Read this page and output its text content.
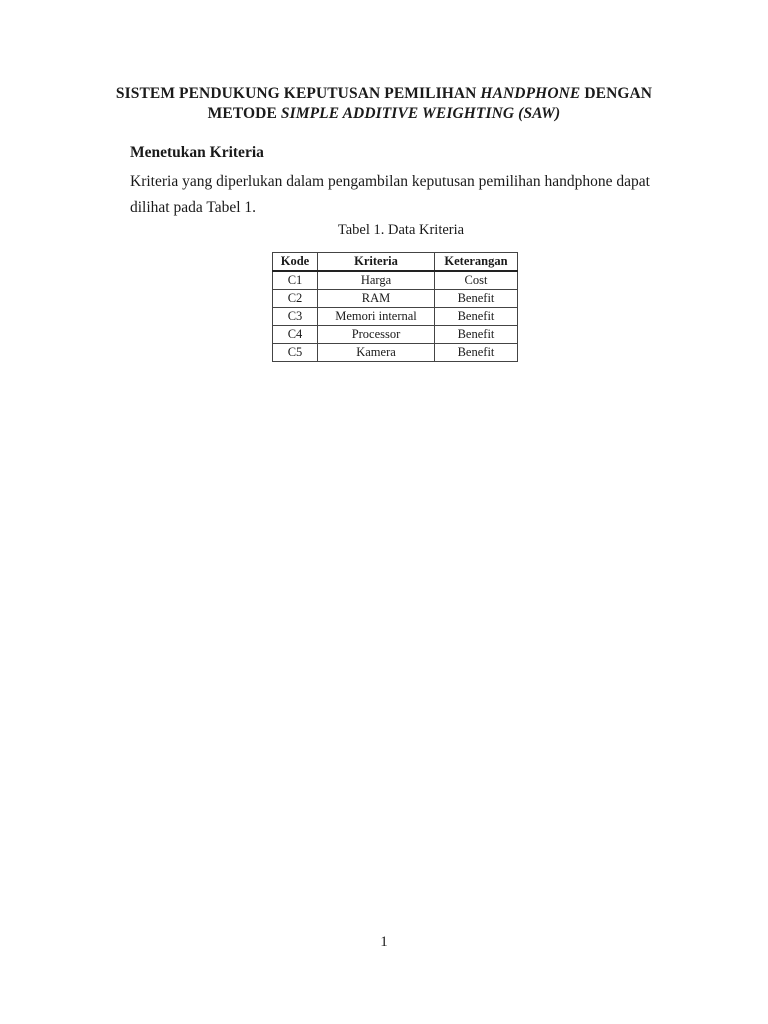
SISTEM PENDUKUNG KEPUTUSAN PEMILIHAN HANDPHONE DENGAN
METODE SIMPLE ADDITIVE WEIGHTING (SAW)
Menetukan Kriteria
Kriteria yang diperlukan dalam pengambilan keputusan pemilihan handphone dapat
dilihat pada Tabel 1.
Tabel 1. Data Kriteria
Kode	Kriteria	Keterangan
C1	Harga	Cost
C2	RAM	Benefit
C3	Memori internal	Benefit
C4	Processor	Benefit
C5	Kamera	Benefit
1
